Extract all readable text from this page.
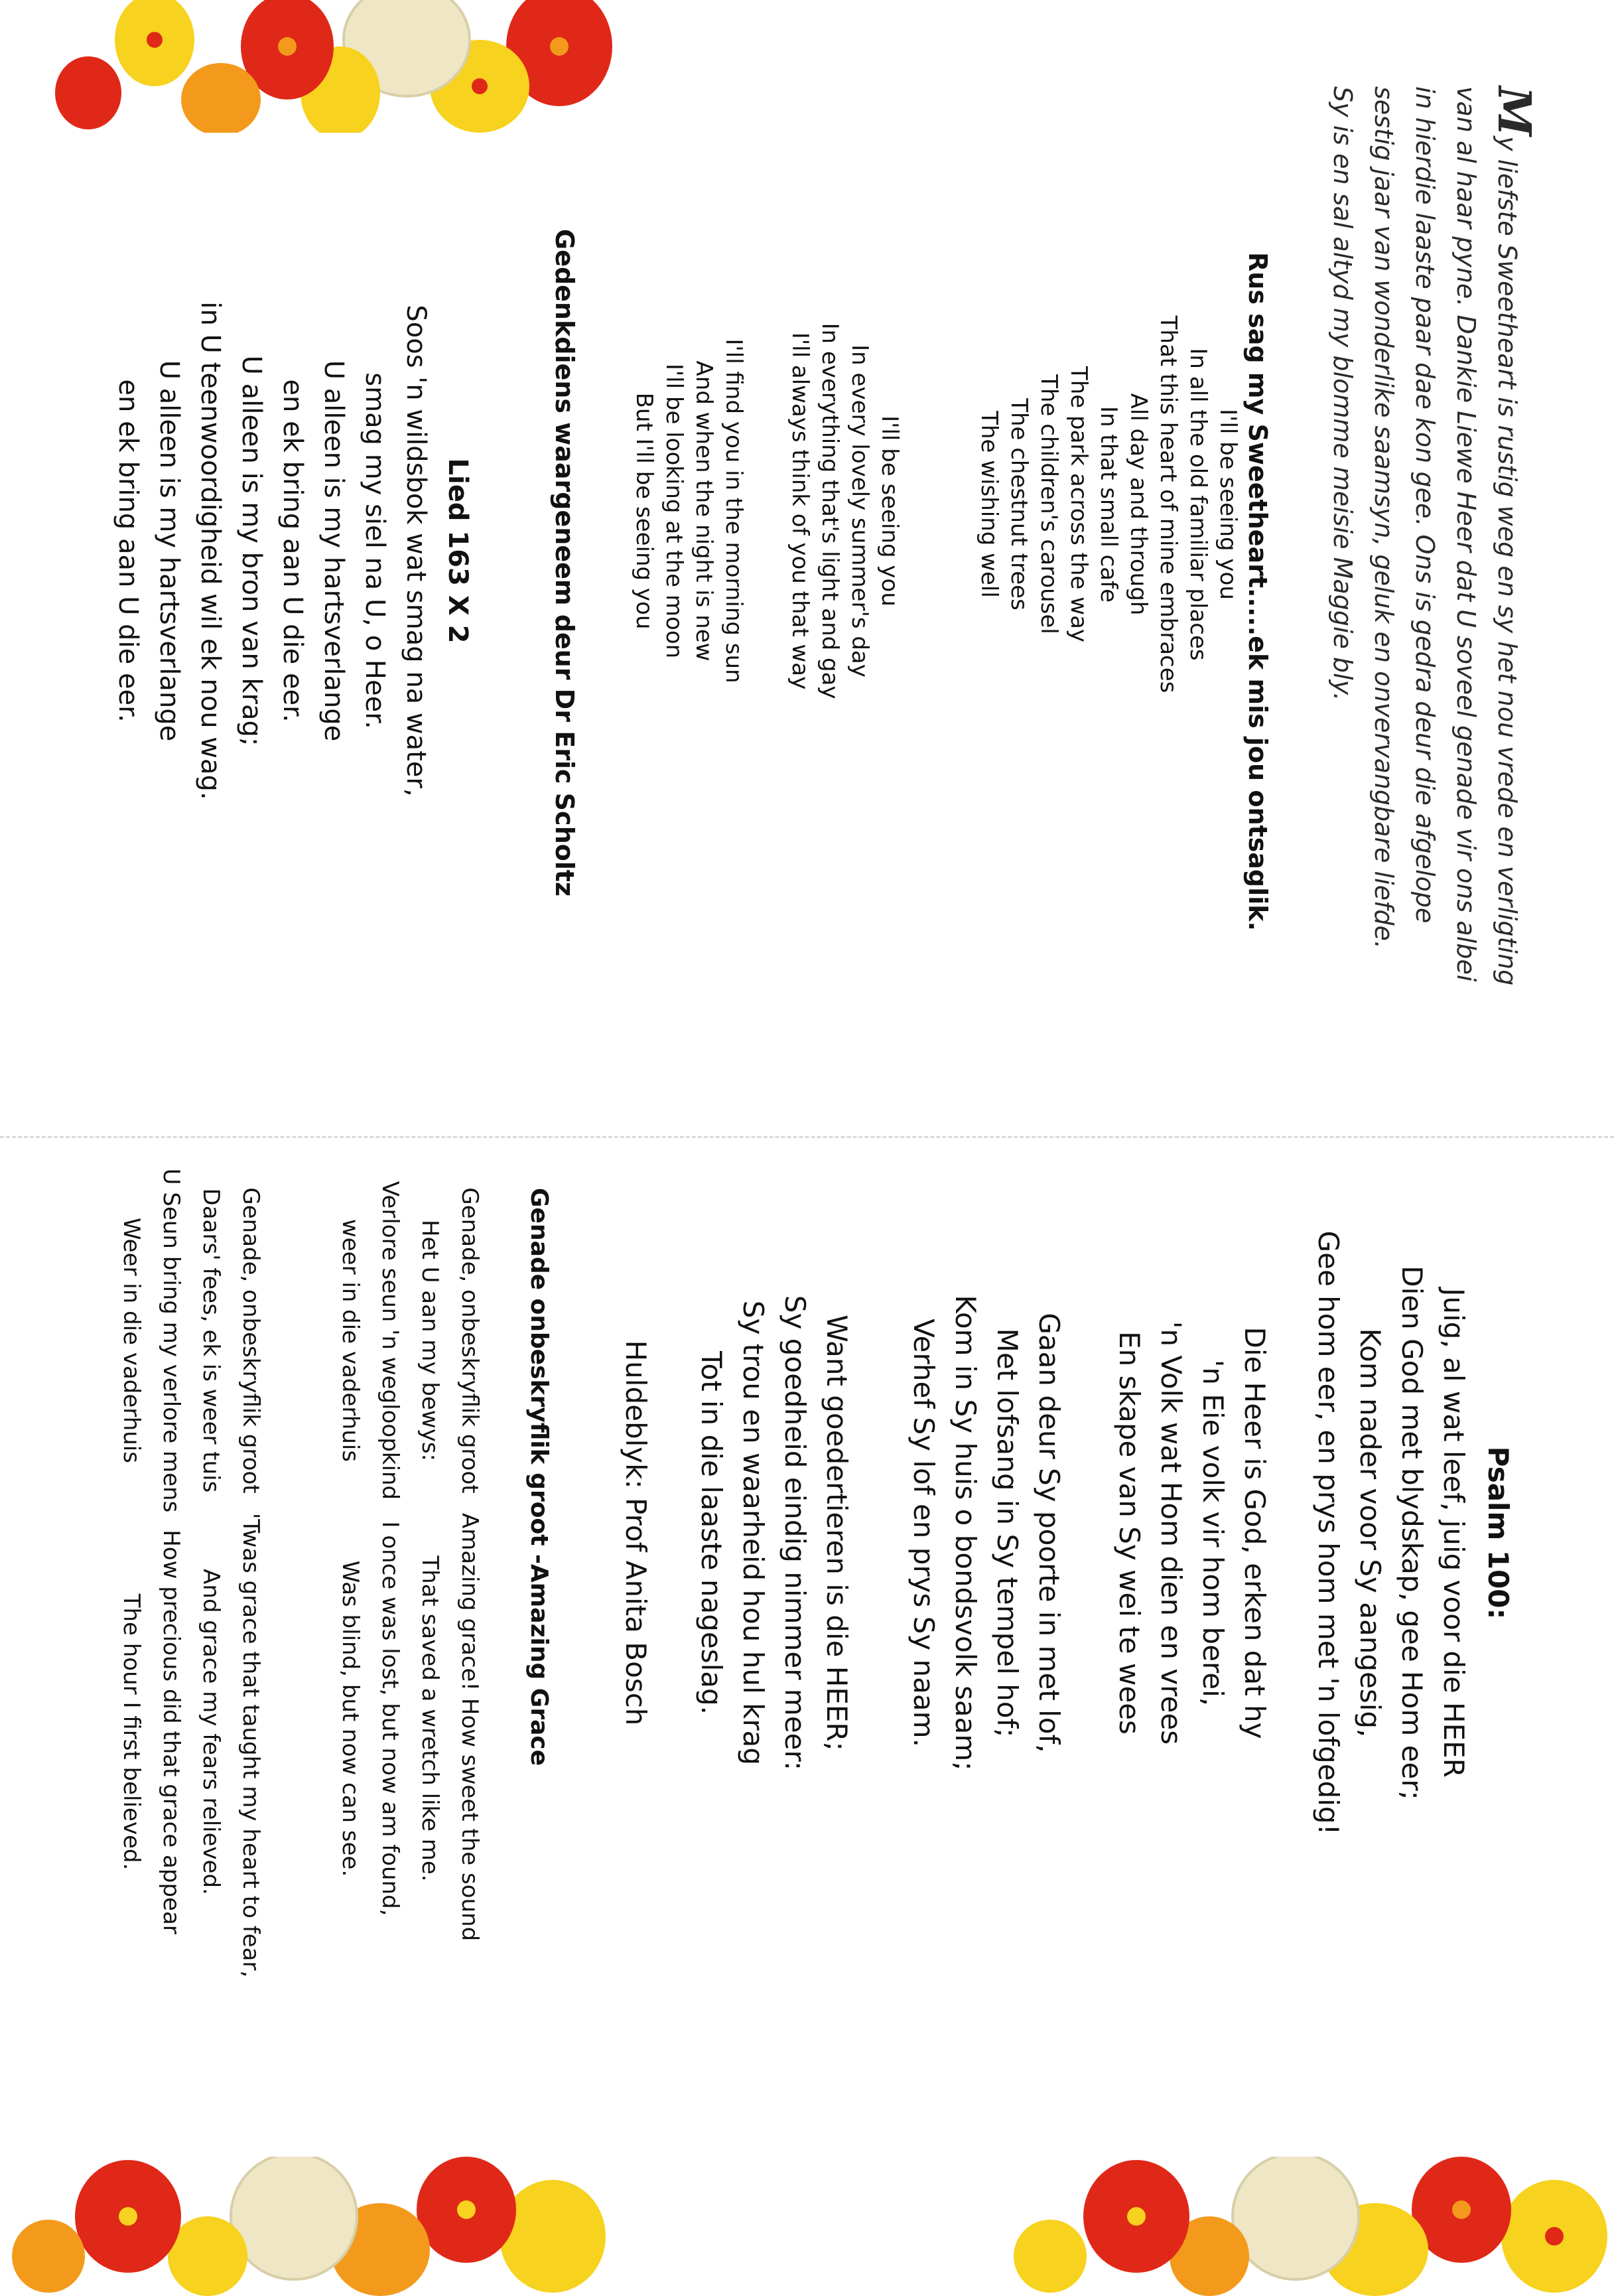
My liefste Sweetheart is rustig weg en sy het nou vrede en verligting
van al haar pyne. Dankie Liewe Heer dat U soveel genade vir ons albei
in hierdie laaste paar dae kon gee. Ons is gedra deur die afgelope
sestig jaar van wonderlike saamsyn, geluk en onvervangbare liefde.
Sy is en sal altyd my blomme meisie Maggie bly.
Rus sag my Sweetheart.....ek mis jou ontsaglik.
I'll be seeing you
In all the old familiar places
That this heart of mine embraces
All day and through
In that small cafe
The park across the way
The children's carousel
The chestnut trees
The wishing well
I'll be seeing you
In every lovely summer's day
In everything that's light and gay
I'll always think of you that way
I'll find you in the morning sun
And when the night is new
I'll be looking at the moon
But I'll be seeing you
Gedenkdiens waargeneem deur Dr Eric Scholtz
Lied 163 X 2
Soos 'n wildsbok wat smag na water,
smag my siel na U, o Heer.
U alleen is my hartsverlange
en ek bring aan U die eer.
U alleen is my bron van krag;
in U teenwoordigheid wil ek nou wag.
U alleen is my hartsverlange
en ek bring aan U die eer.
Psalm 100:
Juig, al wat leef, juig voor die HEER
Dien God met blydskap, gee Hom eer;
Kom nader voor Sy aangesig,
Gee hom eer, en prys hom met 'n lofgedig!
Die Heer is God, erken dat hy
'n Eie volk vir hom berei,
'n Volk wat Hom dien en vrees
En skape van Sy wei te wees
Gaan deur Sy poorte in met lof,
Met lofsang in Sy tempel hof;
Kom in Sy huis o bondsvolk saam;
Verhef Sy lof en prys Sy naam.
Want goedertieren is die HEER;
Sy goedheid eindig nimmer meer:
Sy trou en waarheid hou hul krag
Tot in die laaste nageslag.
Huldeblyk: Prof Anita Bosch
Genade onbeskryflik groot -Amazing Grace
Genade, onbeskryflik groot
Het U aan my bewys:
Verlore seun 'n wegloopkind
weer in die vaderhuis
Amazing grace! How sweet the sound
That saved a wretch like me.
I once was lost, but now am found,
Was blind, but now can see.
Genade, onbeskryflik groot
Daars' fees, ek is weer tuis
U Seun bring my verlore mens
Weer in die vaderhuis
'Twas grace that taught my heart to fear,
And grace my fears relieved.
How precious did that grace appear
The hour I first believed.
